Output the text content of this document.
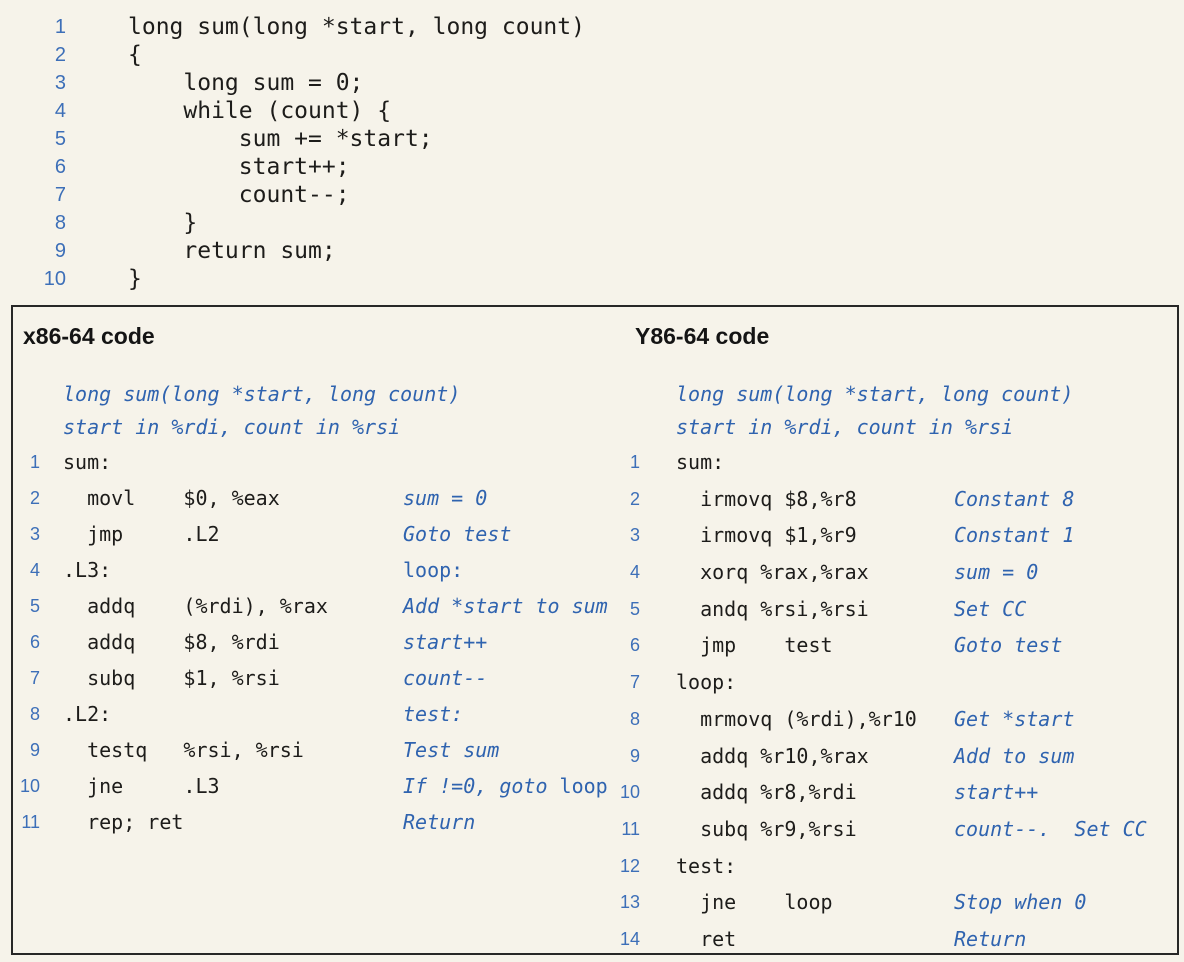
1	long sum(long *start, long count)
2	{
3	long sum = 0;
4	while (count) {
5	sum += *start;
6	start++;
7	count--;
8	}
9	return sum;
10	}
x86-64 code
long sum(long *start, long count)
start in %rdi, count in %rsi
1	sum:
2	movl    $0, %eax	sum = 0
3	jmp     .L2	Goto test
4	.L3:	loop:
5	addq    (%rdi), %rax	Add *start to sum
6	addq    $8, %rdi	start++
7	subq    $1, %rsi	count--
8	.L2:	test:
9	testq   %rsi, %rsi	Test sum
10	jne     .L3	If !=0, goto loop
11	rep; ret	Return
Y86-64 code
long sum(long *start, long count)
start in %rdi, count in %rsi
1	sum:
2	irmovq $8,%r8	Constant 8
3	irmovq $1,%r9	Constant 1
4	xorq %rax,%rax	sum = 0
5	andq %rsi,%rsi	Set CC
6	jmp    test	Goto test
7	loop:
8	mrmovq (%rdi),%r10	Get *start
9	addq %r10,%rax	Add to sum
10	addq %r8,%rdi	start++
11	subq %r9,%rsi	count--.  Set CC
12	test:
13	jne    loop	Stop when 0
14	ret	Return
